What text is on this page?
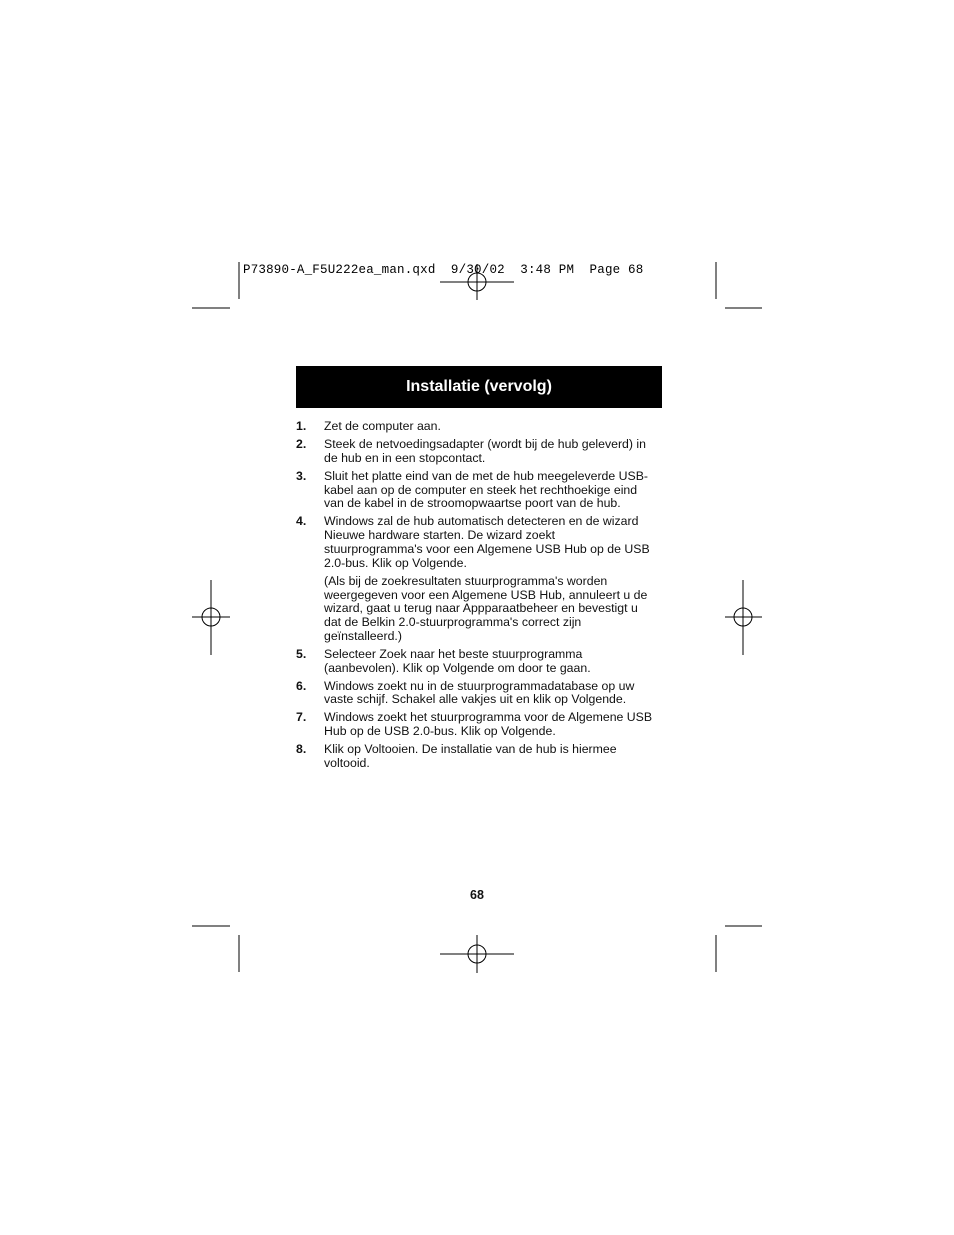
P73890-A_F5U222ea_man.qxd  9/30/02  3:48 PM  Page 68
Installatie (vervolg)
1.	Zet de computer aan.

2.	Steek de netvoedingsadapter (wordt bij de hub geleverd) in de hub en in een stopcontact.

3.	Sluit het platte eind van de met de hub meegeleverde USB-kabel aan op de computer en steek het rechthoekige eind van de kabel in de stroomopwaartse poort van de hub.

4.	Windows zal de hub automatisch detecteren en de wizard Nieuwe hardware starten. De wizard zoekt stuurprogramma's voor een Algemene USB Hub op de USB 2.0-bus. Klik op Volgende.

(Als bij de zoekresultaten stuurprogramma's worden weergegeven voor een Algemene USB Hub, annuleert u de wizard, gaat u terug naar Appparaatbeheer en bevestigt u dat de Belkin 2.0-stuurprogramma's correct zijn geïnstalleerd.)

5.	Selecteer Zoek naar het beste stuurprogramma (aanbevolen). Klik op Volgende om door te gaan.

6.	Windows zoekt nu in de stuurprogrammadatabase op uw vaste schijf. Schakel alle vakjes uit en klik op Volgende.

7.	Windows zoekt het stuurprogramma voor de Algemene USB Hub op de USB 2.0-bus. Klik op Volgende.

8.	Klik op Voltooien. De installatie van de hub is hiermee voltooid.

68
